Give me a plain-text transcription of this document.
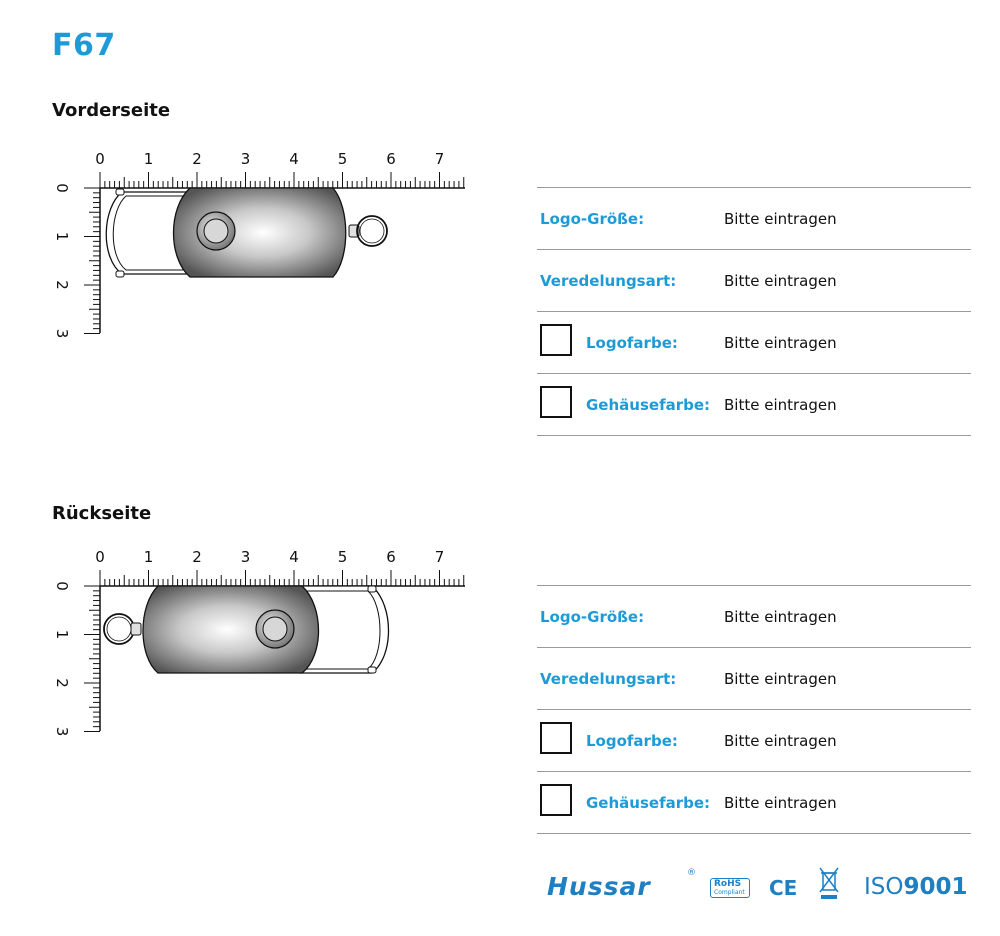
F67
Vorderseite
0	1	2	3	4	5	6	7
0
1
2
3
Logo-Größe:	Bitte eintragen
Veredelungsart:	Bitte eintragen
Logofarbe:	Bitte eintragen
Gehäusefarbe: Bitte eintragen
Rückseite
0	1	2	3	4	5	6	7
0
1
2
3
Logo-Größe:	Bitte eintragen
Veredelungsart:	Bitte eintragen
Logofarbe:	Bitte eintragen
Gehäusefarbe: Bitte eintragen
Hussar	®
RoHS
Compliant CE	ISO9001
